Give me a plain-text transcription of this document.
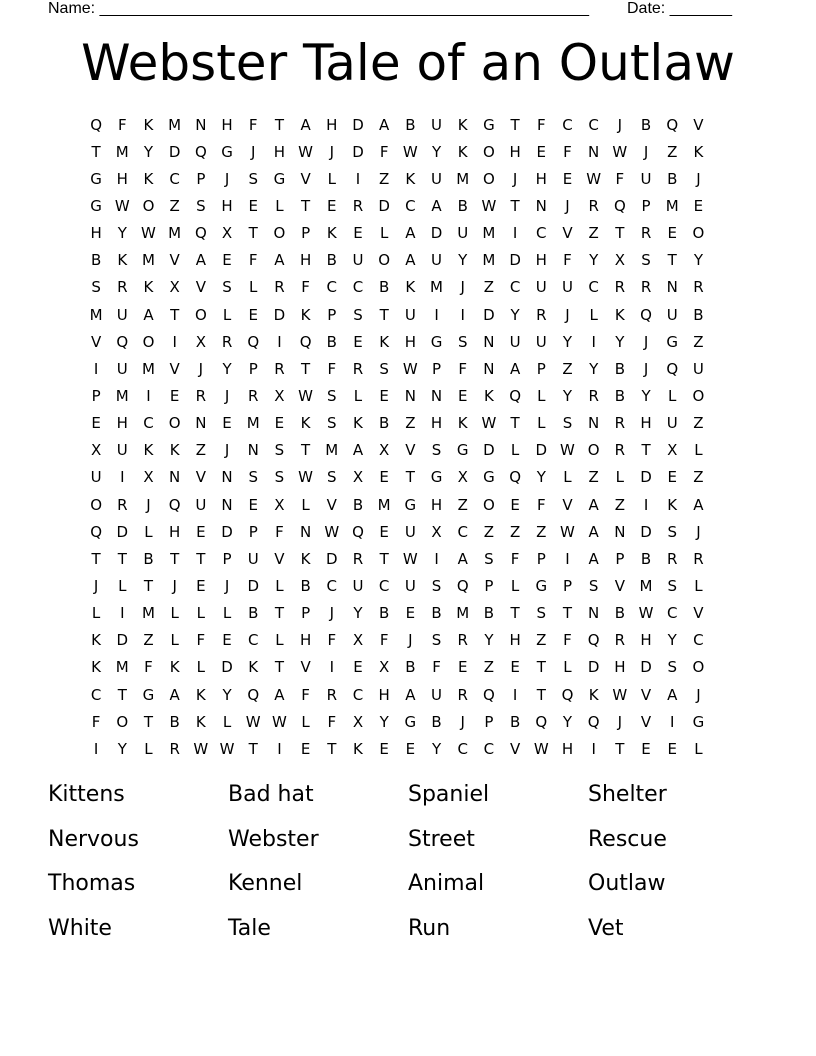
Name: _______________________________________________________ Date: _______
Webster Tale of an Outlaw
Q	F	K M N H	F	T	A	H D	A	B	U	K	G	T	F	C	C	J	B	Q	V
T	M	Y	D Q G	J	H W	J	D	F W Y	K	O H	E	F	N W	J	Z	K
G H	K	C	P	J	S	G	V	L	I	Z	K	U M O	J	H	E W F	U	B	J
G W O	Z	S	H	E	L	T	E	R	D	C	A	B W T	N	J	R	Q	P	M E
H	Y W M Q	X	T	O	P	K	E	L	A	D U M	I	C	V	Z	T	R	E	O
B	K M V	A	E	F	A	H	B	U O	A	U	Y	M D H	F	Y	X	S	T	Y
S	R	K	X	V	S	L	R	F	C	C	B	K M	J	Z	C	U	U	C	R	R	N	R
M U	A	T	O	L	E	D	K	P	S	T	U	I	I	D	Y	R	J	L	K	Q U	B
V	Q O	I	X	R	Q	I	Q	B	E	K	H G	S	N	U	U	Y	I	Y	J	G	Z
I	U M V	J	Y	P	R	T	F	R	S W P	F	N	A	P	Z	Y	B	J	Q U
P	M	I	E	R	J	R	X W S	L	E	N N	E	K	Q	L	Y	R	B	Y	L	O
E	H	C	O N	E M E	K	S	K	B	Z	H	K W T	L	S	N	R	H	U	Z
X	U	K	K	Z	J	N	S	T	M A	X	V	S	G D	L	D W O	R	T	X	L
U	I	X	N	V	N	S	S W S	X	E	T	G	X	G Q	Y	L	Z	L	D	E	Z
O	R	J	Q U	N	E	X	L	V	B M G H	Z	O	E	F	V	A	Z	I	K	A
Q D	L	H	E	D	P	F	N W Q	E	U	X	C	Z	Z	Z W A	N D	S	J
T	T	B	T	T	P	U	V	K	D	R	T W	I	A	S	F	P	I	A	P	B	R	R
J	L	T	J	E	J	D	L	B	C	U	C	U	S	Q	P	L	G	P	S	V M S	L
L	I	M	L	L	L	B	T	P	J	Y	B	E	B M B	T	S	T	N	B W C	V
K	D	Z	L	F	E	C	L	H	F	X	F	J	S	R	Y	H	Z	F	Q	R	H	Y	C
K M	F	K	L	D	K	T	V	I	E	X	B	F	E	Z	E	T	L	D H D	S	O
C	T	G	A	K	Y	Q	A	F	R	C	H	A	U	R	Q	I	T	Q	K W V	A	J
F	O	T	B	K	L W W L	F	X	Y	G	B	J	P	B	Q	Y	Q	J	V	I	G
I	Y	L	R W W T	I	E	T	K	E	E	Y	C	C	V W H	I	T	E	E	L
Kittens	Bad hat	Spaniel	Shelter
Nervous	Webster	Street	Rescue
Thomas	Kennel	Animal	Outlaw
White	Tale	Run	Vet
